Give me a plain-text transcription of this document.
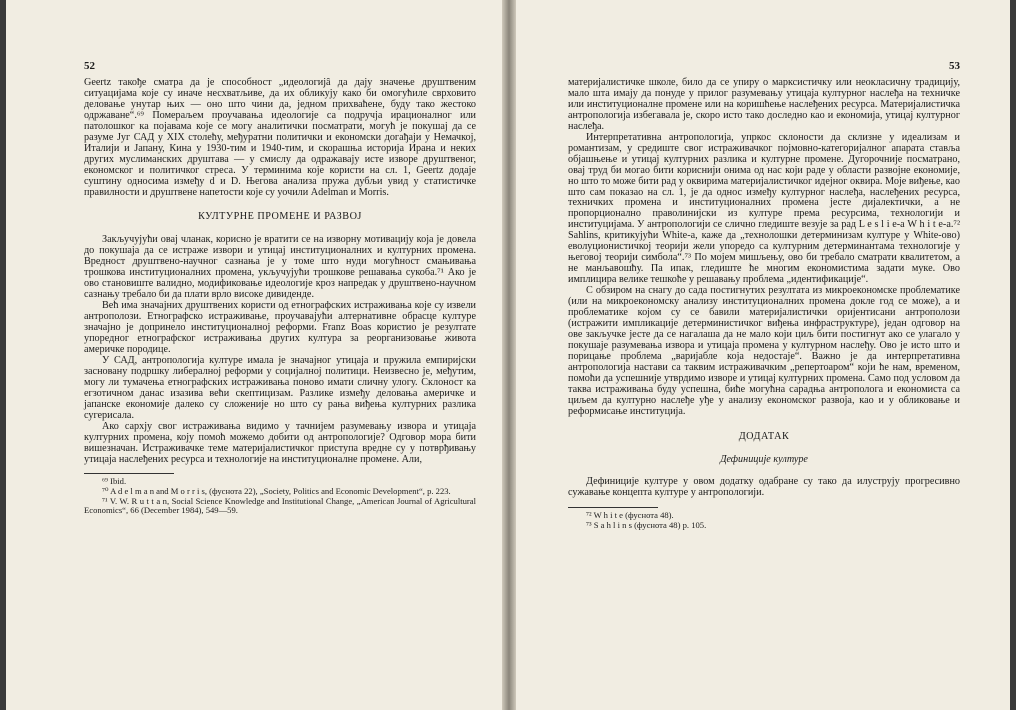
52

Geertz такође сматра да је способност „идеологијâ да дају значење друштвеним ситуацијама које су иначе несхватљиве, да их обликују како би омогућиле сврховито деловање унутар њих — оно што чини да, једном прихваћене, буду тако жестоко одржаване“.⁶⁹ Помераљем проучавања идеологије са подручја ирационалног или патолошког ка појавама које се могу аналитички посматрати, могућ је покушај да се разуме Југ САД у XIX столећу, међуратни политички и економски догађаји у Немачкој, Италији и Јапану, Кина у 1930-тим и 1940-тим, и скорашња историја Ирана и неких других муслиманских друштава — у смислу да одражавају исте изворе друштвеног, економског и политичког стреса. У терминима које користи на сл. 1, Geertz додаје суштину односима између d и D. Његова анализа пружа дубљи увид у статистичке правилности и друштвене напетости које су уочили Adelman и Morris.

КУЛТУРНЕ ПРОМЕНЕ И РАЗВОЈ

Закључујући овај чланак, корисно је вратити се на изворну мотивацију која је довела до покушаја да се истраже извори и утицај институционалних и културних промена. Вредност друштвено-научног сазнања је у томе што нуди могућност смањивања трошкова институционалних промена, укључујући трошкове решавања сукоба.⁷¹ Ако је ово становиште валидно, модификовање идеологије кроз напредак у друштвено-научном сазнању требало би да плати врло високе дивиденде.

Већ има значајних друштвених користи од етнографских истраживања које су извели антрополози. Етнографско истраживање, проучавајући алтернативне обрасце културе значајно је допринело институционалној реформи. Franz Boas користио је резултате упоредног етнографског истраживања других култура за реорганизовање живота америчке породице.

У САД, антропологија културе имала је значајног утицаја и пружила емпиријски засновану подршку либералној реформи у социјалној политици. Неизвесно је, међутим, могу ли тумачења етнографских истраживања поново имати сличну улогу. Склоност ка егзотичном данас изазива већи скептицизам. Разлике између деловања америчке и јапанске економије далеко су сложеније но што су рања виђења културних разлика сугерисала.

Ако сархју свог истраживања видимо у тачнијем разумевању извора и утицаја културних промена, коју помоћ можемо добити од антропологије? Одговор мора бити вишезначан. Истраживачке теме материјалистичког приступа вредне су у потврђивању утицаја наслеђених ресурса и технологије на институционалне промене. Али,

⁶⁹ Ibid.

⁷⁰ A d e l m a n and M o r r i s, (фуснота 22), „Society, Politics and Economic Development“, p. 223.

⁷¹ V. W. R u t t a n, Social Science Knowledge and Institutional Change, „American Journal of Agricultural Economics“, 66 (December 1984), 549—59.

53

материјалистичке школе, било да се упиру о марксистичку или неокласичну традицију, мало шта имају да понуде у прилог разумевању утицаја културног наслеђа на техничке или институционалне промене или на коришћење наслеђених ресурса. Материјалистичка антропологија избегавала је, скоро исто тако доследно као и економија, утицај културног наслеђа.

Интерпретативна антропологија, упркос склоности да склизне у идеализам и романтизам, у средиште свог истраживачког појмовно-категоријалног апарата ставља објашњење и утицај културних разлика и културне промене. Дугорочније посматрано, овај труд би могао бити кориснији онима од нас који раде у области развојне економије, но што то може бити рад у оквиримa материјалистичког идејног оквира. Моје виђење, као што сам показао на сл. 1, је да однос између културног наслеђа, наслеђених ресурса, техничких промена и институционалних промена јесте дијалектички, а не пропорционално праволинијски из културе према ресурсима, технологији и институцијама. У антропологији се слично гледиште везује за рад L e s l i e-а W h i t e-а.⁷² Sahlins, критикујући White-а, каже да „технолошки детерминизам културе у White-ово) еволуционистичкој теорији жели упоредо са културним детерминантама технологије у његовој теорији симбола“.⁷³ По мојем мишљењу, ово би требало сматрати квалитетом, а не манљавошћу. Па ипак, гледиште ће многим економистима задати муке. Ово имплицира велике тешкоће у решавању проблема „идентификације“.

С обзиром на снагу до сада постигнутих резултата из микроекономске проблематике (или на микроекономску анализу институционалних промена докле год се може), а и проблематике којом су се бавили материјалистички оријентисани антрополози (истражити импликације детерминистичког виђења инфраструктуре), један одговор на ове закључке јесте да се нагалаша да не мало који циљ бити постигнут ако се улагало у покушаје разумевања извора и утицаја промена у културном наслеђу. Ово је исто што и порицање проблема „варијабле која недостаје“. Важно је да интерпретативна антропологија настави са таквим истраживачким „репертоаром“ који ће нам, временом, помоћи да успешније утврдимо изворе и утицај културних промена. Само под условом да таква истраживања буду успешна, биће могућна сарадња антрополога и економиста са циљем да културно наслеђе уђе у анализу економског развоја, као и у обликовање и реформисање институција.

ДОДАТАК
Дефиниције културе

Дефиниције културе у овом додатку одабране су тако да илуструју прогресивно сужавање концепта културе у антропологији.

⁷² W h i t e (фуснота 48).

⁷³ S a h l i n s (фуснота 48) p. 105.
